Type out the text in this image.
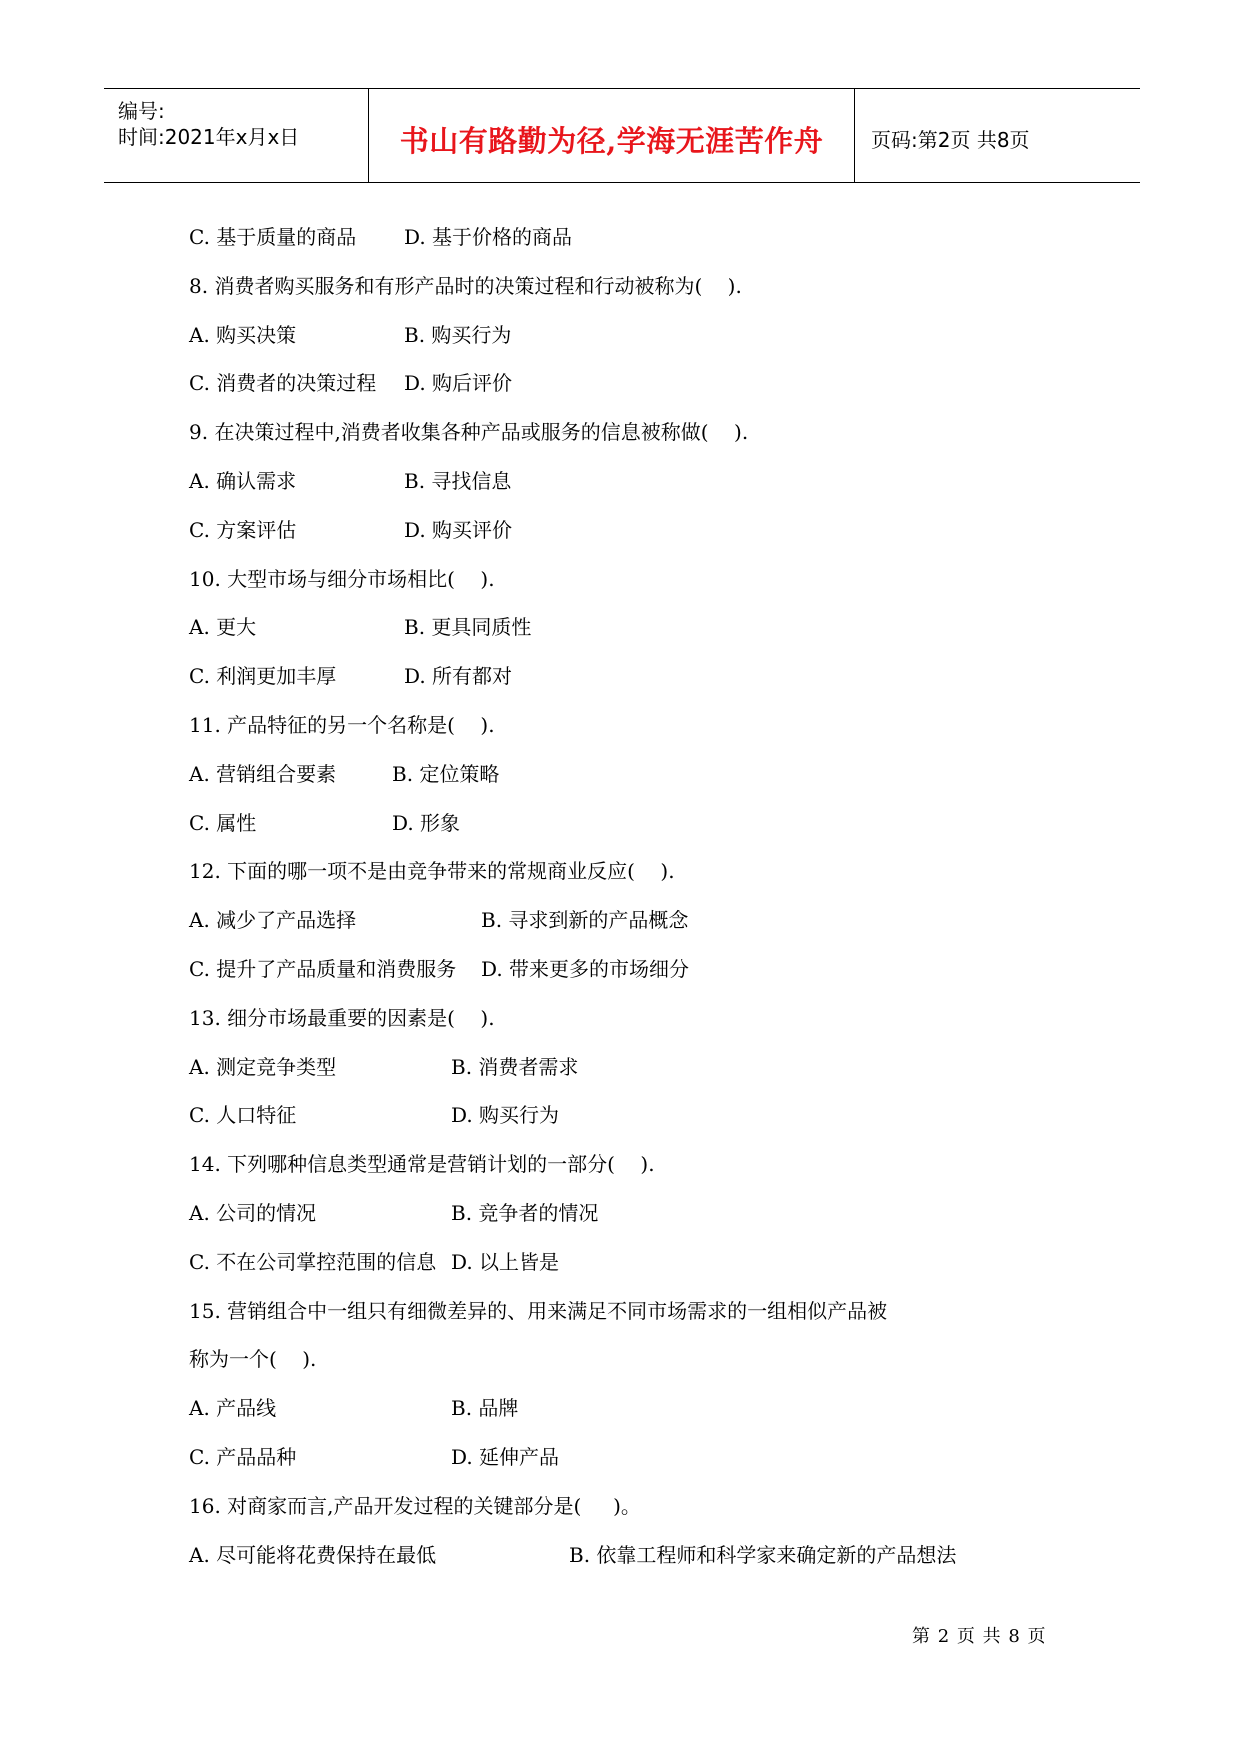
编号:
时间:2021年x月x日	书山有路勤为径,学海无涯苦作舟	页码:第2页 共8页
C. 基于质量的商品 D. 基于价格的商品
8. 消费者购买服务和有形产品时的决策过程和行动被称为(    ).
A. 购买决策	B. 购买行为
C. 消费者的决策过程 D. 购后评价
9. 在决策过程中,消费者收集各种产品或服务的信息被称做(    ).
A. 确认需求	B. 寻找信息
C. 方案评估	D. 购买评价
10. 大型市场与细分市场相比(    ).
A. 更大	B. 更具同质性
C. 利润更加丰厚	D. 所有都对
11. 产品特征的另一个名称是(    ).
A. 营销组合要素	B. 定位策略
C. 属性	D. 形象
12. 下面的哪一项不是由竞争带来的常规商业反应(    ).
A. 减少了产品选择	B. 寻求到新的产品概念
C. 提升了产品质量和消费服务 D. 带来更多的市场细分
13. 细分市场最重要的因素是(    ).
A. 测定竞争类型	B. 消费者需求
C. 人口特征	D. 购买行为
14. 下列哪种信息类型通常是营销计划的一部分(    ).
A. 公司的情况	B. 竞争者的情况
C. 不在公司掌控范围的信息 D. 以上皆是
15. 营销组合中一组只有细微差异的、用来满足不同市场需求的一组相似产品被
称为一个(    ).
A. 产品线	B. 品牌
C. 产品品种	D. 延伸产品
16. 对商家而言,产品开发过程的关键部分是(     )。
A. 尽可能将花费保持在最低	B. 依靠工程师和科学家来确定新的产品想法
第 2 页 共 8 页
